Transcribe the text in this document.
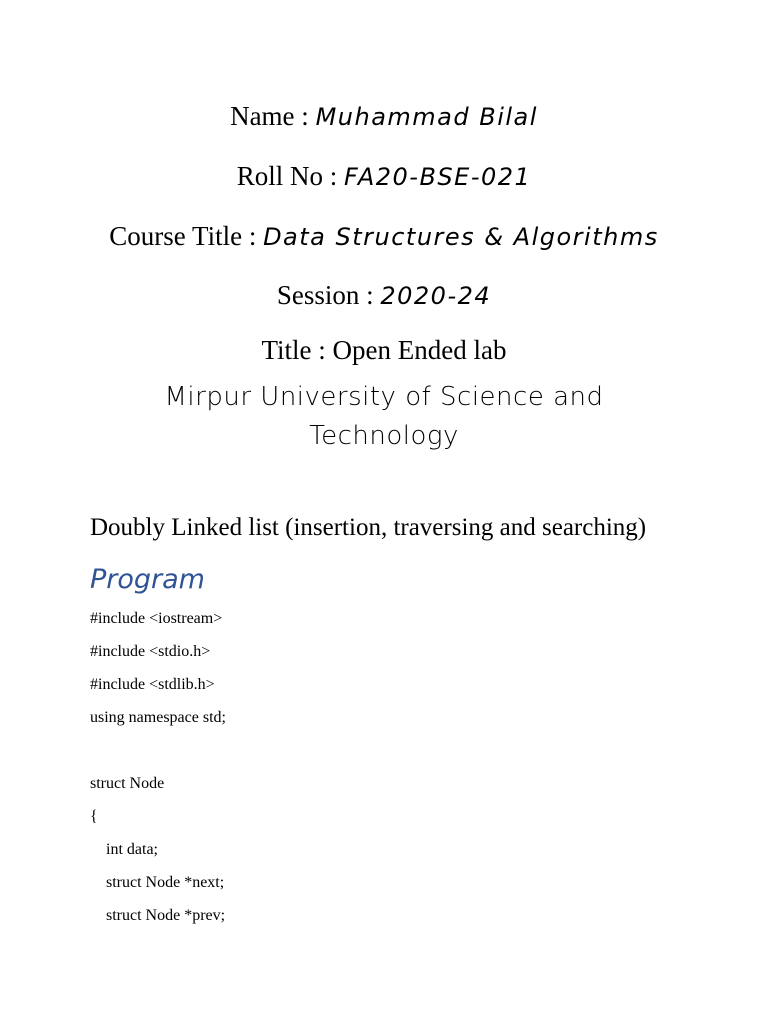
Name : Muhammad Bilal
Roll No : FA20-BSE-021
Course Title : Data Structures & Algorithms
Session : 2020-24
Title : Open Ended lab
Mirpur University of Science and
Technology
Doubly Linked list (insertion, traversing and searching)
Program
#include <iostream>
#include <stdio.h>
#include <stdlib.h>
using namespace std;
struct Node
{
int data;
struct Node *next;
struct Node *prev;
